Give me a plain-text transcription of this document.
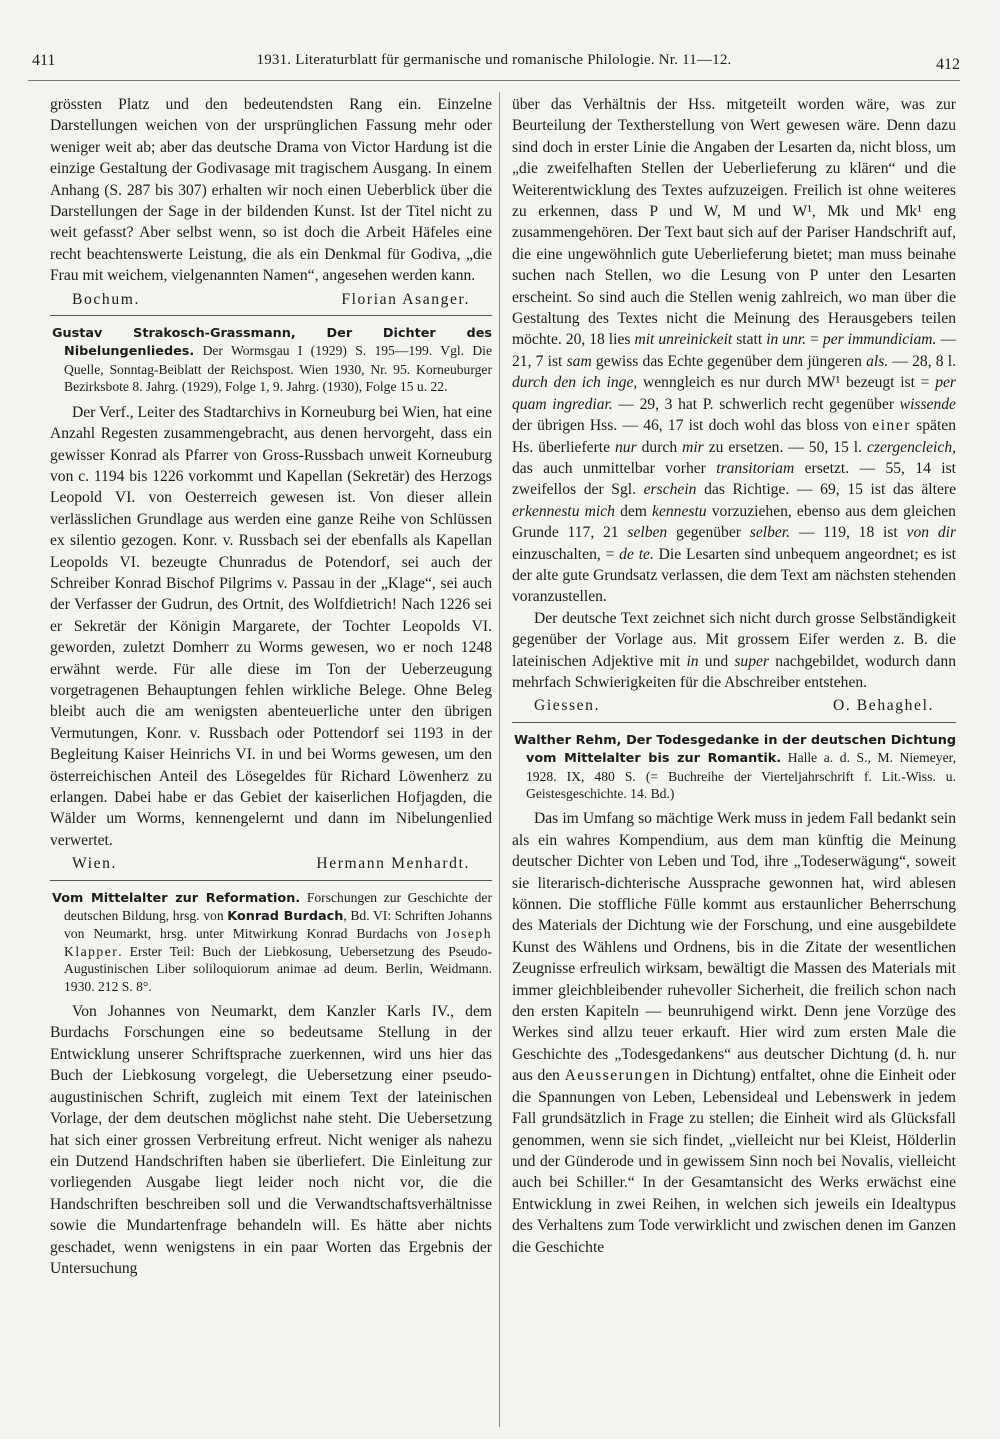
411	1931. Literaturblatt für germanische und romanische Philologie. Nr. 11—12.	412

grössten Platz und den bedeutendsten Rang ein. Einzelne Darstellungen weichen von der ursprünglichen Fassung mehr oder weniger weit ab; aber das deutsche Drama von Victor Hardung ist die einzige Gestaltung der Godivasage mit tragischem Ausgang. In einem Anhang (S. 287 bis 307) erhalten wir noch einen Ueberblick über die Darstellungen der Sage in der bildenden Kunst. Ist der Titel nicht zu weit gefasst? Aber selbst wenn, so ist doch die Arbeit Häfeles eine recht beachtenswerte Leistung, die als ein Denkmal für Godiva, „die Frau mit weichem, vielgenannten Namen“, angesehen werden kann.

Bochum.	Florian Asanger.
Gustav Strakosch-Grassmann, Der Dichter des Nibelungenliedes. Der Wormsgau I (1929) S. 195—199. Vgl. Die Quelle, Sonntag-Beiblatt der Reichspost. Wien 1930, Nr. 95. Korneuburger Bezirksbote 8. Jahrg. (1929), Folge 1, 9. Jahrg. (1930), Folge 15 u. 22.

Der Verf., Leiter des Stadtarchivs in Korneuburg bei Wien, hat eine Anzahl Regesten zusammengebracht, aus denen hervorgeht, dass ein gewisser Konrad als Pfarrer von Gross-Russbach unweit Korneuburg von c. 1194 bis 1226 vorkommt und Kapellan (Sekretär) des Herzogs Leopold VI. von Oesterreich gewesen ist. Von dieser allein verlässlichen Grundlage aus werden eine ganze Reihe von Schlüssen ex silentio gezogen. Konr. v. Russbach sei der ebenfalls als Kapellan Leopolds VI. bezeugte Chunradus de Potendorf, sei auch der Schreiber Konrad Bischof Pilgrims v. Passau in der „Klage“, sei auch der Verfasser der Gudrun, des Ortnit, des Wolfdietrich! Nach 1226 sei er Sekretär der Königin Margarete, der Tochter Leopolds VI. geworden, zuletzt Domherr zu Worms gewesen, wo er noch 1248 erwähnt werde. Für alle diese im Ton der Ueberzeugung vorgetragenen Behauptungen fehlen wirkliche Belege. Ohne Beleg bleibt auch die am wenigsten abenteuerliche unter den übrigen Vermutungen, Konr. v. Russbach oder Pottendorf sei 1193 in der Begleitung Kaiser Heinrichs VI. in und bei Worms gewesen, um den österreichischen Anteil des Lösegeldes für Richard Löwenherz zu erlangen. Dabei habe er das Gebiet der kaiserlichen Hofjagden, die Wälder um Worms, kennengelernt und dann im Nibelungenlied verwertet.

Wien.	Hermann Menhardt.
Vom Mittelalter zur Reformation. Forschungen zur Geschichte der deutschen Bildung, hrsg. von Konrad Burdach, Bd. VI: Schriften Johanns von Neumarkt, hrsg. unter Mitwirkung Konrad Burdachs von Joseph Klapper. Erster Teil: Buch der Liebkosung, Uebersetzung des Pseudo-Augustinischen Liber soliloquiorum animae ad deum. Berlin, Weidmann. 1930. 212 S. 8°.

Von Johannes von Neumarkt, dem Kanzler Karls IV., dem Burdachs Forschungen eine so bedeutsame Stellung in der Entwicklung unserer Schriftsprache zuerkennen, wird uns hier das Buch der Liebkosung vorgelegt, die Uebersetzung einer pseudo-augustinischen Schrift, zugleich mit einem Text der lateinischen Vorlage, der dem deutschen möglichst nahe steht. Die Uebersetzung hat sich einer grossen Verbreitung erfreut. Nicht weniger als nahezu ein Dutzend Handschriften haben sie überliefert. Die Einleitung zur vorliegenden Ausgabe liegt leider noch nicht vor, die die Handschriften beschreiben soll und die Verwandtschaftsverhältnisse sowie die Mundartenfrage behandeln will. Es hätte aber nichts geschadet, wenn wenigstens in ein paar Worten das Ergebnis der Untersuchung

über das Verhältnis der Hss. mitgeteilt worden wäre, was zur Beurteilung der Textherstellung von Wert gewesen wäre. Denn dazu sind doch in erster Linie die Angaben der Lesarten da, nicht bloss, um „die zweifelhaften Stellen der Ueberlieferung zu klären“ und die Weiterentwicklung des Textes aufzuzeigen. Freilich ist ohne weiteres zu erkennen, dass P und W, M und W¹, Mk und Mk¹ eng zusammengehören. Der Text baut sich auf der Pariser Handschrift auf, die eine ungewöhnlich gute Ueberlieferung bietet; man muss beinahe suchen nach Stellen, wo die Lesung von P unter den Lesarten erscheint. So sind auch die Stellen wenig zahlreich, wo man über die Gestaltung des Textes nicht die Meinung des Herausgebers teilen möchte. 20, 18 lies mit unreinickeit statt in unr. = per immundiciam. — 21, 7 ist sam gewiss das Echte gegenüber dem jüngeren als. — 28, 8 l. durch den ich inge, wenngleich es nur durch MW¹ bezeugt ist = per quam ingrediar. — 29, 3 hat P. schwerlich recht gegenüber wissende der übrigen Hss. — 46, 17 ist doch wohl das bloss von einer späten Hs. überlieferte nur durch mir zu ersetzen. — 50, 15 l. czergencleich, das auch unmittelbar vorher transitoriam ersetzt. — 55, 14 ist zweifellos der Sgl. erschein das Richtige. — 69, 15 ist das ältere erkennestu mich dem kennestu vorzuziehen, ebenso aus dem gleichen Grunde 117, 21 selben gegenüber selber. — 119, 18 ist von dir einzuschalten, = de te. Die Lesarten sind unbequem angeordnet; es ist der alte gute Grundsatz verlassen, die dem Text am nächsten stehenden voranzustellen.

Der deutsche Text zeichnet sich nicht durch grosse Selbständigkeit gegenüber der Vorlage aus. Mit grossem Eifer werden z. B. die lateinischen Adjektive mit in und super nachgebildet, wodurch dann mehrfach Schwierigkeiten für die Abschreiber entstehen.

Giessen.	O. Behaghel.
Walther Rehm, Der Todesgedanke in der deutschen Dichtung vom Mittelalter bis zur Romantik. Halle a. d. S., M. Niemeyer, 1928. IX, 480 S. (= Buchreihe der Vierteljahrschrift f. Lit.-Wiss. u. Geistesgeschichte. 14. Bd.)

Das im Umfang so mächtige Werk muss in jedem Fall bedankt sein als ein wahres Kompendium, aus dem man künftig die Meinung deutscher Dichter von Leben und Tod, ihre „Todeserwägung“, soweit sie literarisch-dichterische Aussprache gewonnen hat, wird ablesen können. Die stoffliche Fülle kommt aus erstaunlicher Beherrschung des Materials der Dichtung wie der Forschung, und eine ausgebildete Kunst des Wählens und Ordnens, bis in die Zitate der wesentlichen Zeugnisse erfreulich wirksam, bewältigt die Massen des Materials mit immer gleichbleibender ruhevoller Sicherheit, die freilich schon nach den ersten Kapiteln — beunruhigend wirkt. Denn jene Vorzüge des Werkes sind allzu teuer erkauft. Hier wird zum ersten Male die Geschichte des „Todesgedankens“ aus deutscher Dichtung (d. h. nur aus den Aeusserungen in Dichtung) entfaltet, ohne die Einheit oder die Spannungen von Leben, Lebensideal und Lebenswerk in jedem Fall grundsätzlich in Frage zu stellen; die Einheit wird als Glücksfall genommen, wenn sie sich findet, „vielleicht nur bei Kleist, Hölderlin und der Günderode und in gewissem Sinn noch bei Novalis, vielleicht auch bei Schiller.“ In der Gesamtansicht des Werks erwächst eine Entwicklung in zwei Reihen, in welchen sich jeweils ein Idealtypus des Verhaltens zum Tode verwirklicht und zwischen denen im Ganzen die Geschichte
